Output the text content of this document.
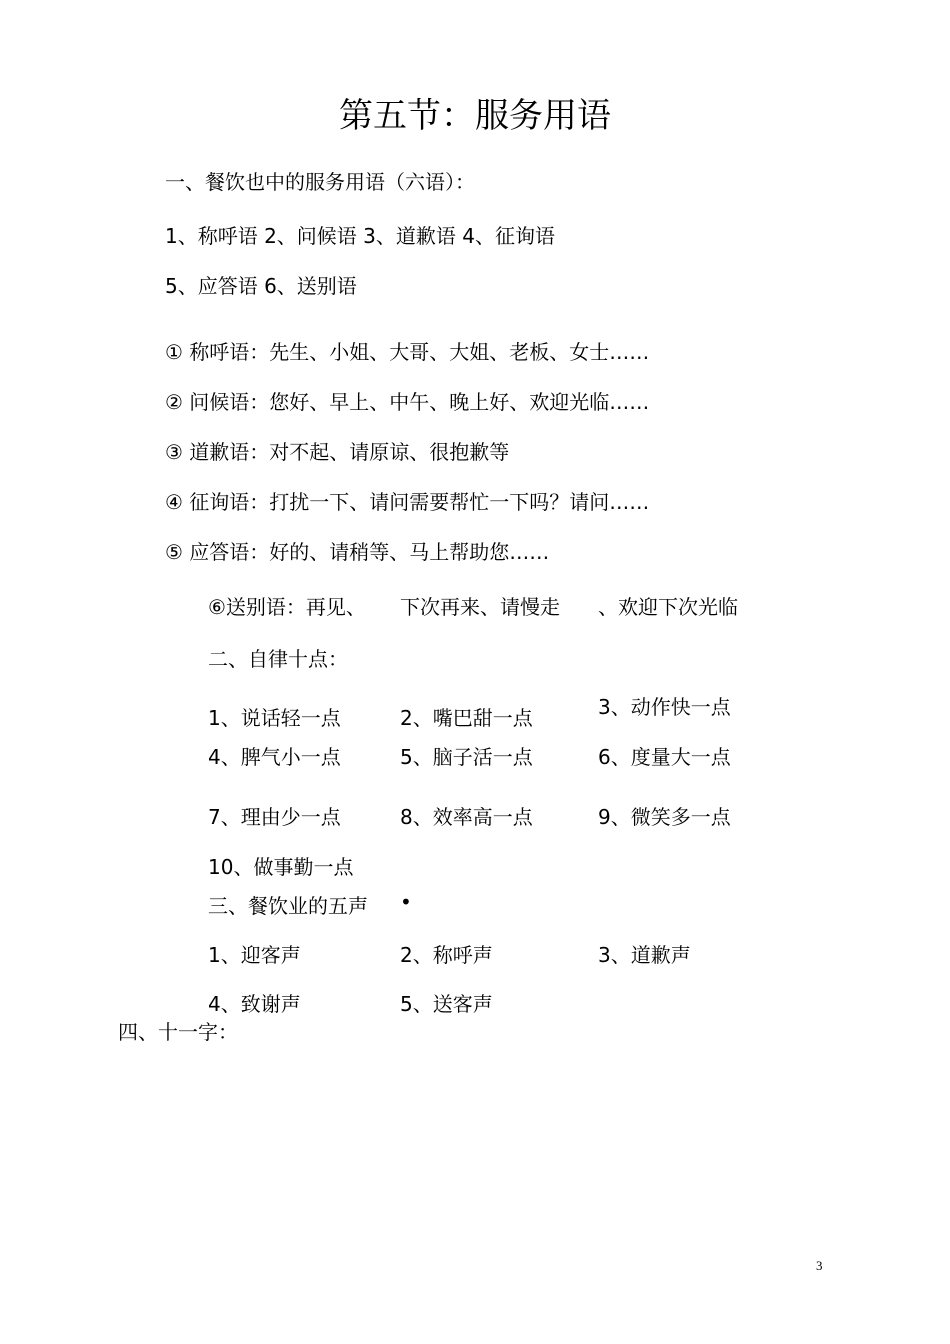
第五节：服务用语
一、餐饮也中的服务用语（六语）：
1、称呼语 2、问候语 3、道歉语 4、征询语
5、应答语 6、送别语
① 称呼语：先生、小姐、大哥、大姐、老板、女士……
② 问候语：您好、早上、中午、晚上好、欢迎光临……
③ 道歉语：对不起、请原谅、很抱歉等
④ 征询语：打扰一下、请问需要帮忙一下吗？请问……
⑤ 应答语：好的、请稍等、马上帮助您……
⑥送别语：再见、 下次再来、请慢走 、欢迎下次光临
二、自律十点：
1、说话轻一点	2、嘴巴甜一点	3、动作快一点
4、脾气小一点	5、脑子活一点	6、度量大一点
7、理由少一点	8、效率高一点	9、微笑多一点
10、做事勤一点
三、餐饮业的五声 •
1、迎客声	2、称呼声	3、道歉声
4、致谢声	5、送客声
四、十一字：
3
